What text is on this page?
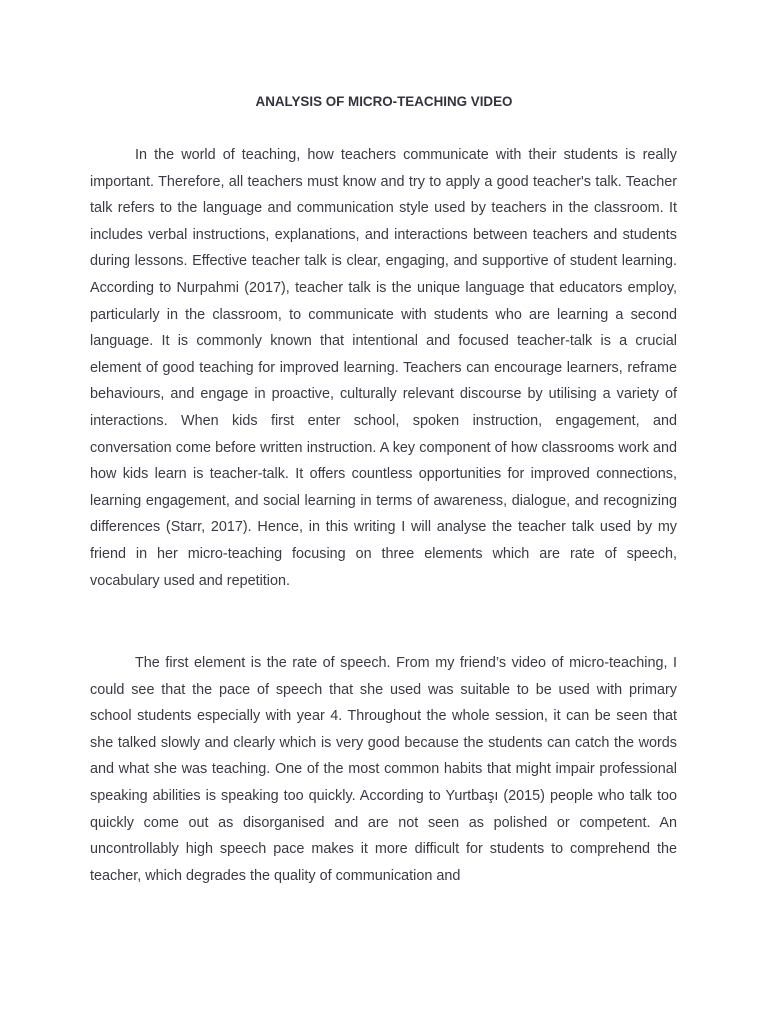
ANALYSIS OF MICRO-TEACHING VIDEO

In the world of teaching, how teachers communicate with their students is really important. Therefore, all teachers must know and try to apply a good teacher's talk. Teacher talk refers to the language and communication style used by teachers in the classroom. It includes verbal instructions, explanations, and interactions between teachers and students during lessons. Effective teacher talk is clear, engaging, and supportive of student learning. According to Nurpahmi (2017), teacher talk is the unique language that educators employ, particularly in the classroom, to communicate with students who are learning a second language. It is commonly known that intentional and focused teacher-talk is a crucial element of good teaching for improved learning. Teachers can encourage learners, reframe behaviours, and engage in proactive, culturally relevant discourse by utilising a variety of interactions. When kids first enter school, spoken instruction, engagement, and conversation come before written instruction. A key component of how classrooms work and how kids learn is teacher-talk. It offers countless opportunities for improved connections, learning engagement, and social learning in terms of awareness, dialogue, and recognizing differences (Starr, 2017). Hence, in this writing I will analyse the teacher talk used by my friend in her micro-teaching focusing on three elements which are rate of speech, vocabulary used and repetition.

The first element is the rate of speech. From my friend’s video of micro-teaching, I could see that the pace of speech that she used was suitable to be used with primary school students especially with year 4. Throughout the whole session, it can be seen that she talked slowly and clearly which is very good because the students can catch the words and what she was teaching. One of the most common habits that might impair professional speaking abilities is speaking too quickly. According to Yurtbaşı (2015) people who talk too quickly come out as disorganised and are not seen as polished or competent. An uncontrollably high speech pace makes it more difficult for students to comprehend the teacher, which degrades the quality of communication and
